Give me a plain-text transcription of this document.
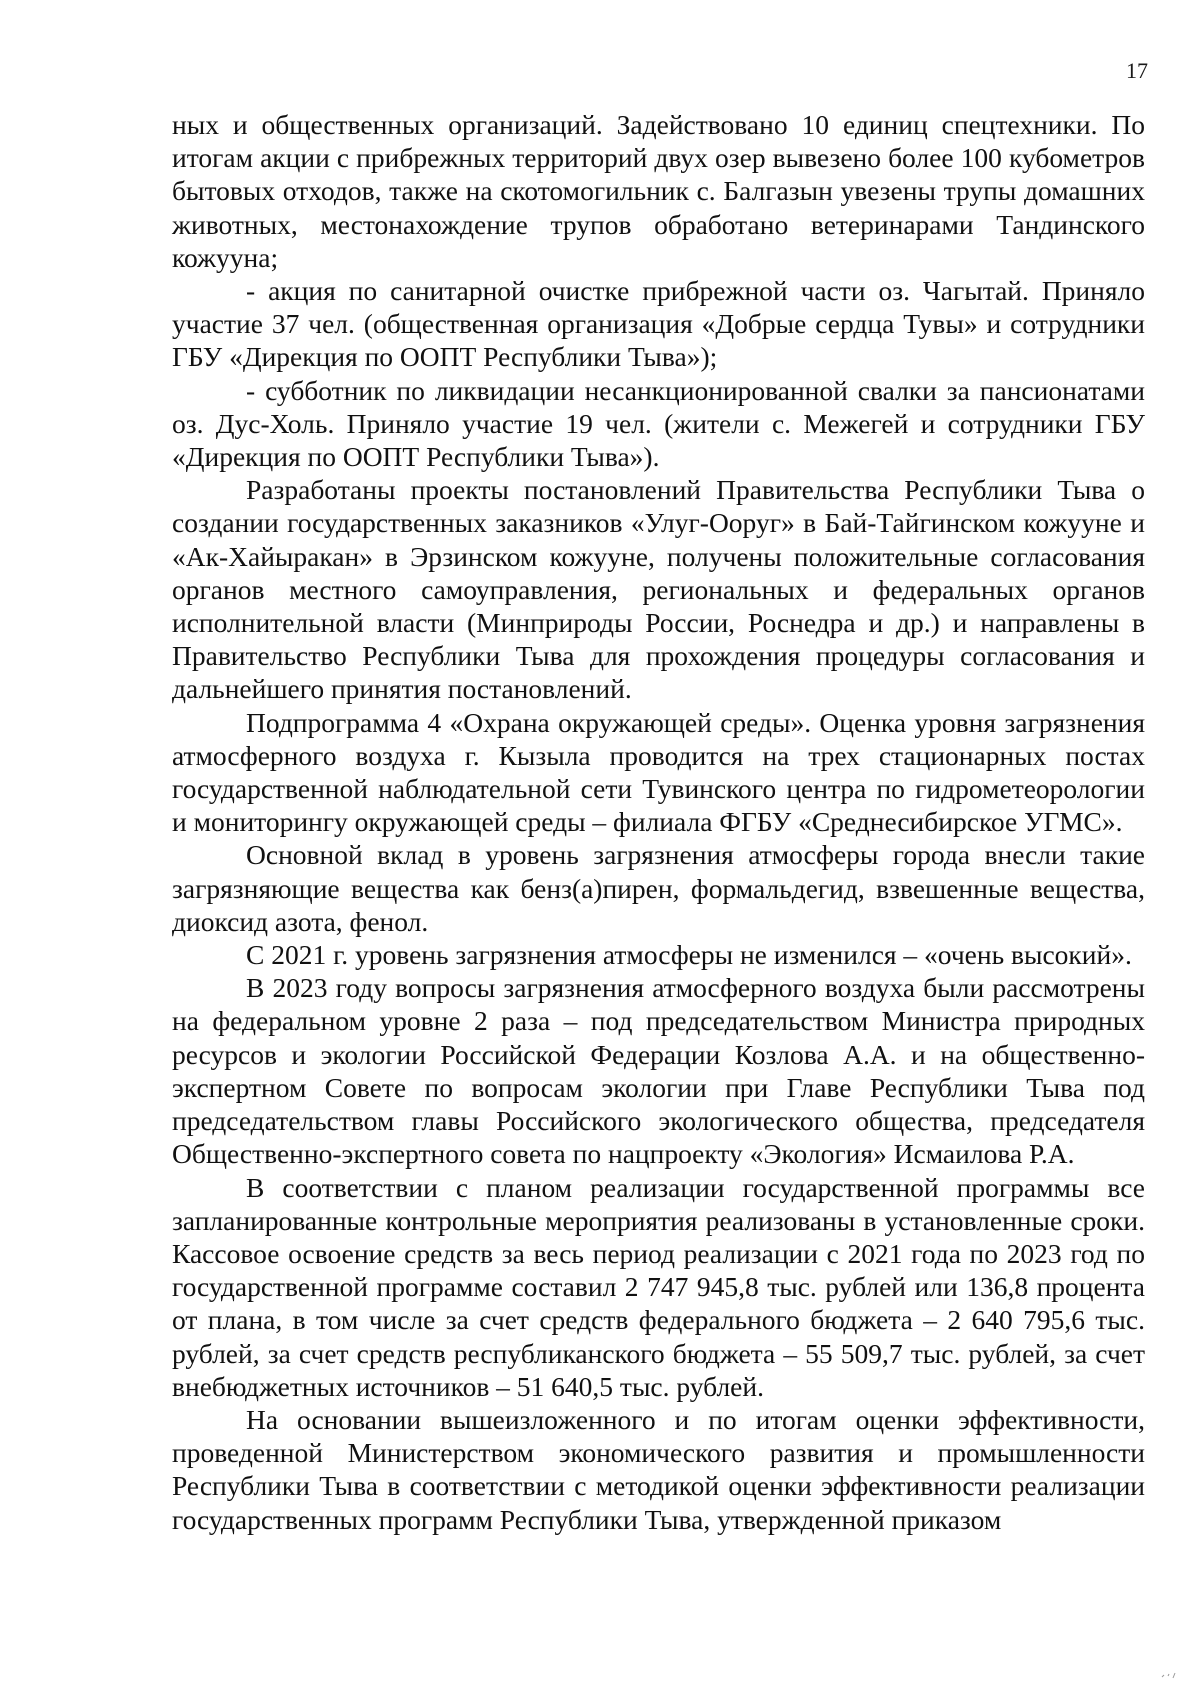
17

ных и общественных организаций. Задействовано 10 единиц спецтехники. По итогам акции с прибрежных территорий двух озер вывезено более 100 кубометров бытовых отходов, также на скотомогильник с. Балгазын увезены трупы домашних животных, местонахождение трупов обработано ветеринарами Тандинского кожууна;

- акция по санитарной очистке прибрежной части оз. Чагытай. Приняло участие 37 чел. (общественная организация «Добрые сердца Тувы» и сотрудники ГБУ «Дирекция по ООПТ Республики Тыва»);

- субботник по ликвидации несанкционированной свалки за пансионатами оз. Дус-Холь. Приняло участие 19 чел. (жители с. Межегей и сотрудники ГБУ «Дирекция по ООПТ Республики Тыва»).

Разработаны проекты постановлений Правительства Республики Тыва о создании государственных заказников «Улуг-Ооруг» в Бай-Тайгинском кожууне и «Ак-Хайыракан» в Эрзинском кожууне, получены положительные согласования органов местного самоуправления, региональных и федеральных органов исполнительной власти (Минприроды России, Роснедра и др.) и направлены в Правительство Республики Тыва для прохождения процедуры согласования и дальнейшего принятия постановлений.

Подпрограмма 4 «Охрана окружающей среды». Оценка уровня загрязнения атмосферного воздуха г. Кызыла проводится на трех стационарных постах государственной наблюдательной сети Тувинского центра по гидрометеорологии и мониторингу окружающей среды – филиала ФГБУ «Среднесибирское УГМС».

Основной вклад в уровень загрязнения атмосферы города внесли такие загрязняющие вещества как бенз(а)пирен, формальдегид, взвешенные вещества, диоксид азота, фенол.

С 2021 г. уровень загрязнения атмосферы не изменился – «очень высокий».

В 2023 году вопросы загрязнения атмосферного воздуха были рассмотрены на федеральном уровне 2 раза – под председательством Министра природных ресурсов и экологии Российской Федерации Козлова А.А. и на общественно-экспертном Совете по вопросам экологии при Главе Республики Тыва под председательством главы Российского экологического общества, председателя Общественно-экспертного совета по нацпроекту «Экология» Исмаилова Р.А.

В соответствии с планом реализации государственной программы все запланированные контрольные мероприятия реализованы в установленные сроки. Кассовое освоение средств за весь период реализации с 2021 года по 2023 год по государственной программе составил 2 747 945,8 тыс. рублей или 136,8 процента от плана, в том числе за счет средств федерального бюджета – 2 640 795,6 тыс. рублей, за счет средств республиканского бюджета – 55 509,7 тыс. рублей, за счет внебюджетных источников – 51 640,5 тыс. рублей.

На основании вышеизложенного и по итогам оценки эффективности, проведенной Министерством экономического развития и промышленности Республики Тыва в соответствии с методикой оценки эффективности реализации государственных программ Республики Тыва, утвержденной приказом
